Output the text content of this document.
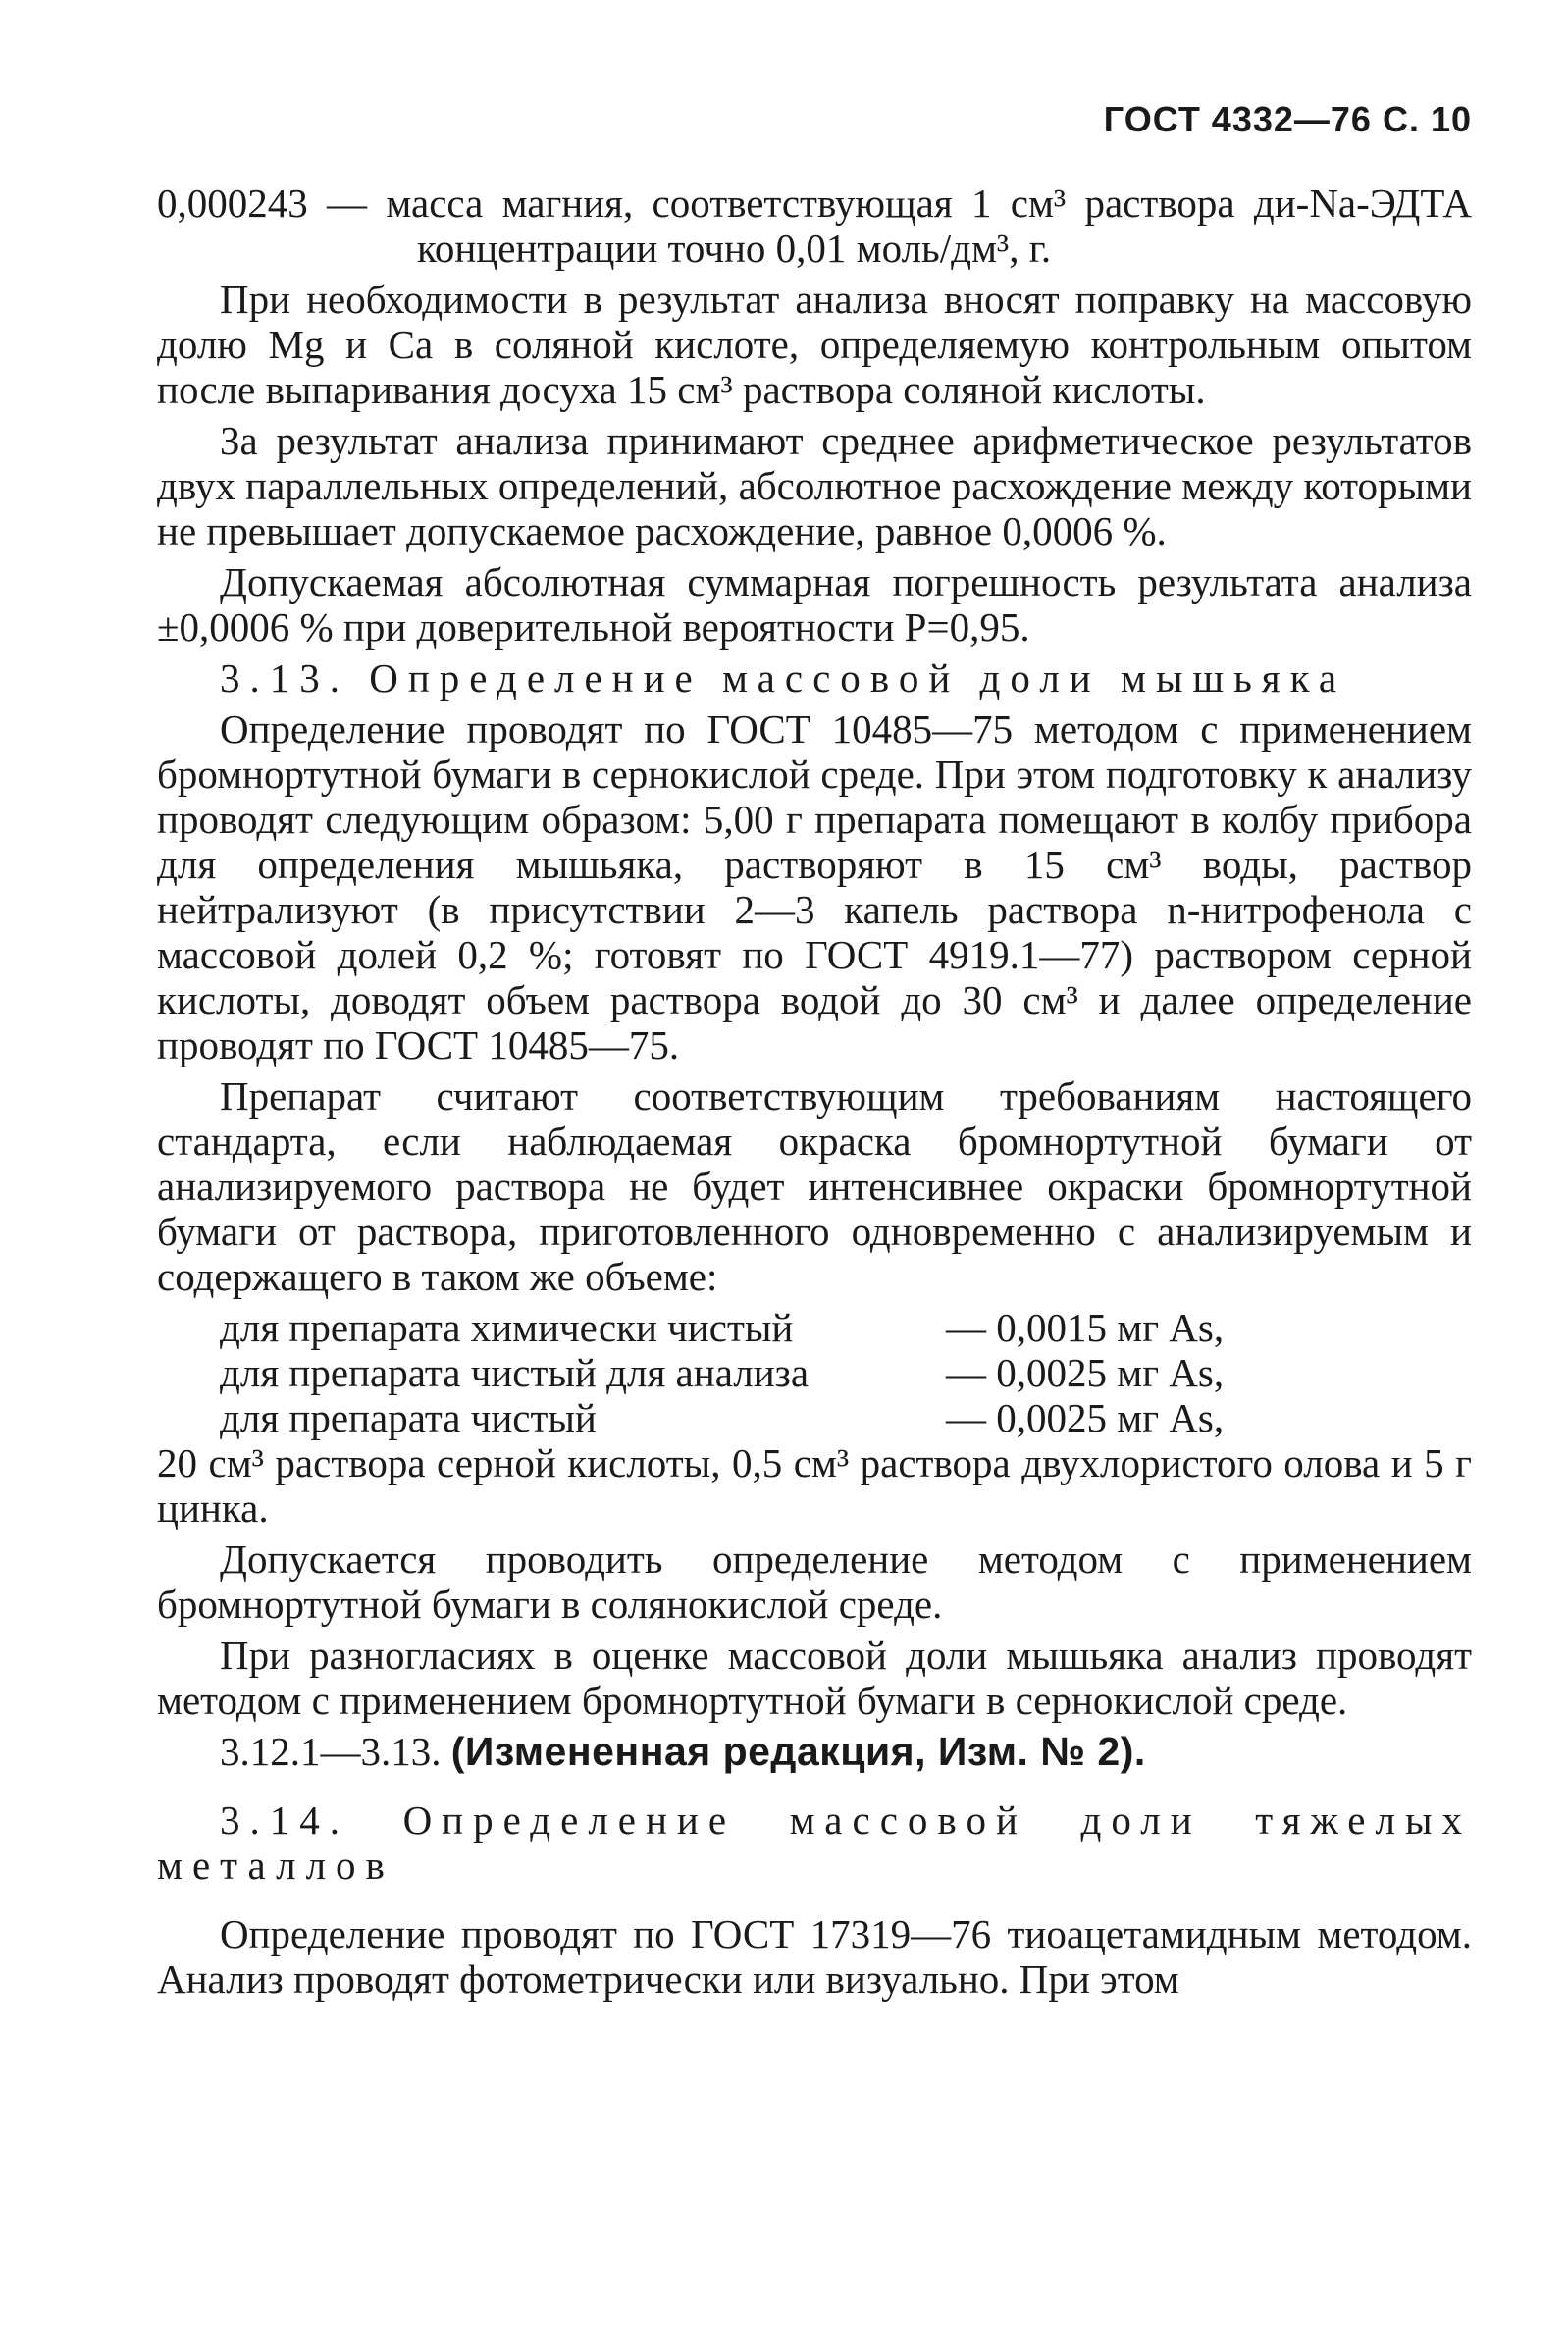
ГОСТ 4332—76 С. 10

0,000243 — масса магния, соответствующая 1 см³ раствора ди-Na-ЭДТА концентрации точно 0,01 моль/дм³, г.

При необходимости в результат анализа вносят поправку на массовую долю Mg и Ca в соляной кислоте, определяемую контрольным опытом после выпаривания досуха 15 см³ раствора соляной кислоты.

За результат анализа принимают среднее арифметическое результатов двух параллельных определений, абсолютное расхождение между которыми не превышает допускаемое расхождение, равное 0,0006 %.

Допускаемая абсолютная суммарная погрешность результата анализа ±0,0006 % при доверительной вероятности P=0,95.

3.13. Определение массовой доли мышьяка

Определение проводят по ГОСТ 10485—75 методом с применением бромнортутной бумаги в сернокислой среде. При этом подготовку к анализу проводят следующим образом: 5,00 г препарата помещают в колбу прибора для определения мышьяка, растворяют в 15 см³ воды, раствор нейтрализуют (в присутствии 2—3 капель раствора n-нитрофенола с массовой долей 0,2 %; готовят по ГОСТ 4919.1—77) раствором серной кислоты, доводят объем раствора водой до 30 см³ и далее определение проводят по ГОСТ 10485—75.

Препарат считают соответствующим требованиям настоящего стандарта, если наблюдаемая окраска бромнортутной бумаги от анализируемого раствора не будет интенсивнее окраски бромнортутной бумаги от раствора, приготовленного одновременно с анализируемым и содержащего в таком же объеме:

для препарата химически чистый	— 0,0015 мг As,
для препарата чистый для анализа	— 0,0025 мг As,
для препарата чистый	— 0,0025 мг As,

20 см³ раствора серной кислоты, 0,5 см³ раствора двухлористого олова и 5 г цинка.

Допускается проводить определение методом с применением бромнортутной бумаги в солянокислой среде.

При разногласиях в оценке массовой доли мышьяка анализ проводят методом с применением бромнортутной бумаги в сернокислой среде.

3.12.1—3.13. (Измененная редакция, Изм. № 2).

3.14. Определение массовой доли тяжелых металлов

Определение проводят по ГОСТ 17319—76 тиоацетамидным методом. Анализ проводят фотометрически или визуально. При этом
